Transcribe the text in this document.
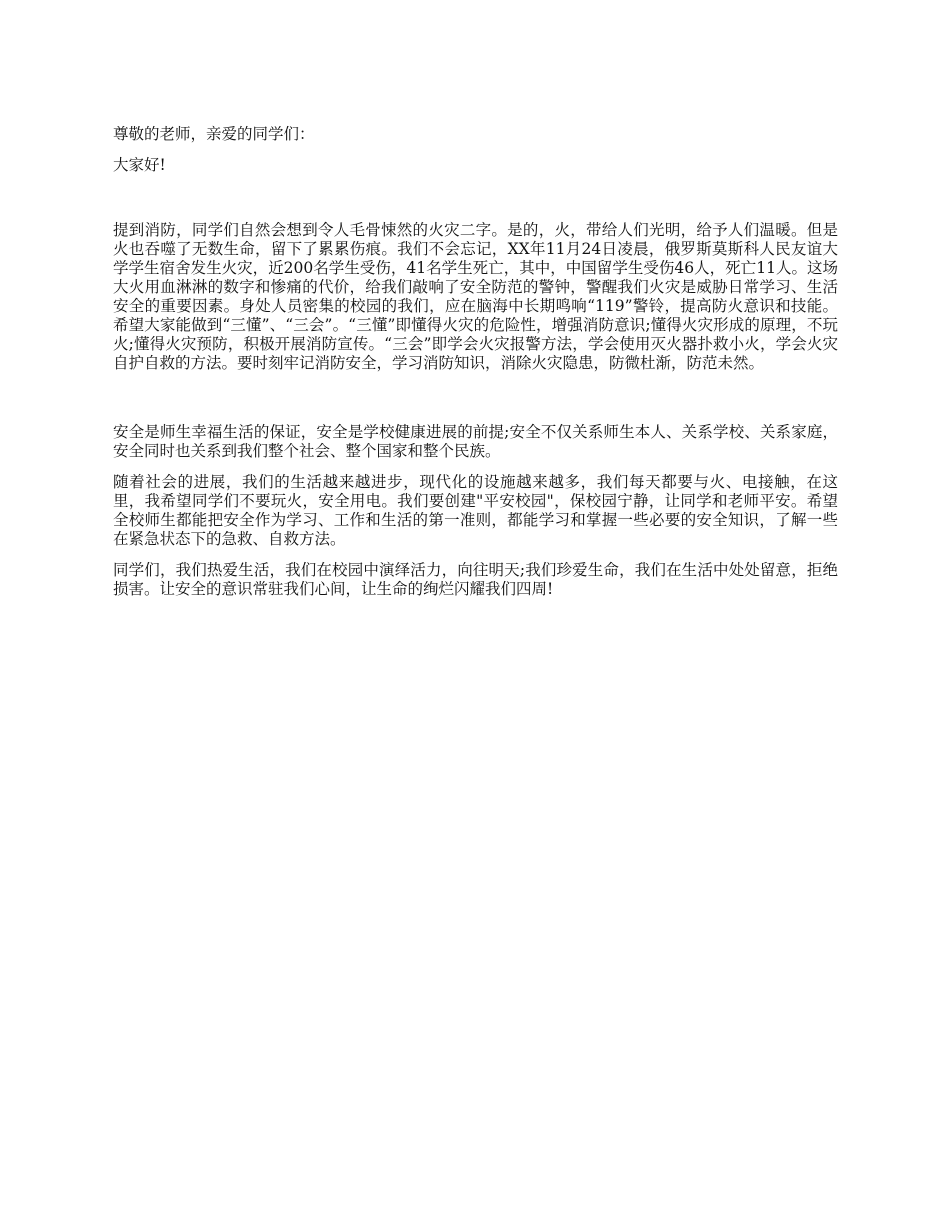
尊敬的老师，亲爱的同学们：

大家好!

提到消防，同学们自然会想到令人毛骨悚然的火灾二字。是的，火，带给人们光明，给予人们温暖。但是火也吞噬了无数生命，留下了累累伤痕。我们不会忘记，XX年11月24日凌晨，俄罗斯莫斯科人民友谊大学学生宿舍发生火灾，近200名学生受伤，41名学生死亡，其中，中国留学生受伤46人，死亡11人。这场大火用血淋淋的数字和惨痛的代价，给我们敲响了安全防范的警钟，警醒我们火灾是威胁日常学习、生活安全的重要因素。身处人员密集的校园的我们，应在脑海中长期鸣响“119”警铃，提高防火意识和技能。希望大家能做到“三懂”、“三会”。“三懂”即懂得火灾的危险性，增强消防意识;懂得火灾形成的原理，不玩火;懂得火灾预防，积极开展消防宣传。“三会”即学会火灾报警方法，学会使用灭火器扑救小火，学会火灾自护自救的方法。要时刻牢记消防安全，学习消防知识，消除火灾隐患，防微杜渐，防范未然。

安全是师生幸福生活的保证，安全是学校健康进展的前提;安全不仅关系师生本人、关系学校、关系家庭，安全同时也关系到我们整个社会、整个国家和整个民族。

随着社会的进展，我们的生活越来越进步，现代化的设施越来越多，我们每天都要与火、电接触，在这里，我希望同学们不要玩火，安全用电。我们要创建"平安校园"，保校园宁静，让同学和老师平安。希望全校师生都能把安全作为学习、工作和生活的第一准则，都能学习和掌握一些必要的安全知识，了解一些在紧急状态下的急救、自救方法。

同学们，我们热爱生活，我们在校园中演绎活力，向往明天;我们珍爱生命，我们在生活中处处留意，拒绝损害。让安全的意识常驻我们心间，让生命的绚烂闪耀我们四周!
